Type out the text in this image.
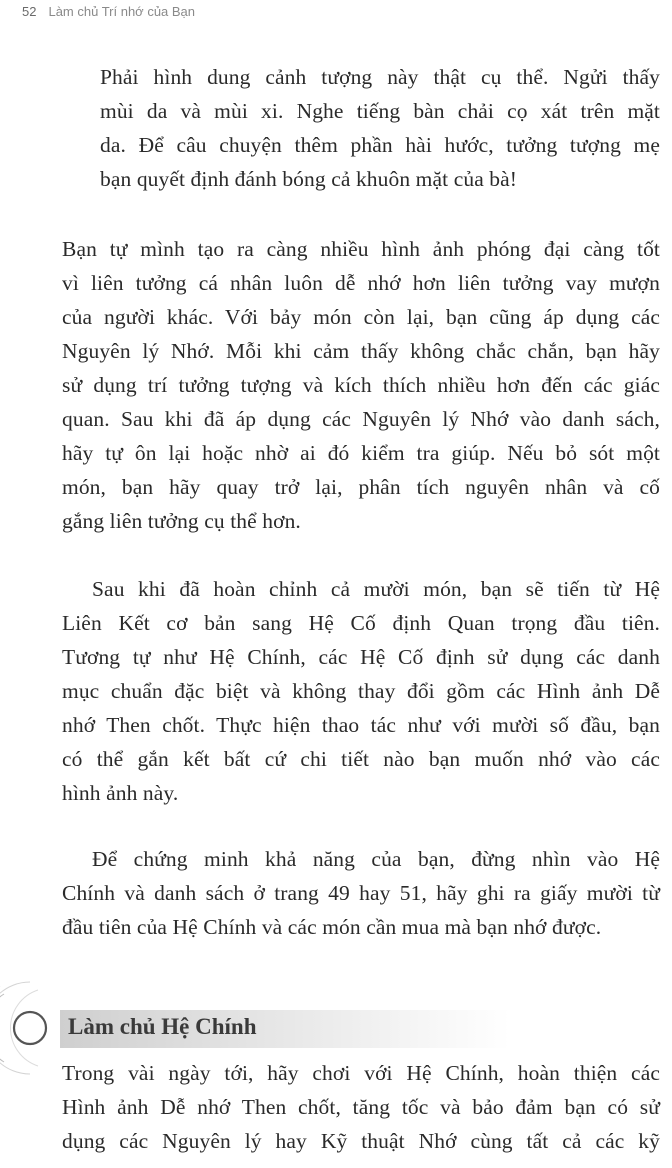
52 Làm chủ Trí nhớ của Bạn

Phải hình dung cảnh tượng này thật cụ thể. Ngửi thấy
mùi da và mùi xi. Nghe tiếng bàn chải cọ xát trên mặt
da. Để câu chuyện thêm phần hài hước, tưởng tượng mẹ
bạn quyết định đánh bóng cả khuôn mặt của bà!

Bạn tự mình tạo ra càng nhiều hình ảnh phóng đại càng tốt
vì liên tưởng cá nhân luôn dễ nhớ hơn liên tưởng vay mượn
của người khác. Với bảy món còn lại, bạn cũng áp dụng các
Nguyên lý Nhớ. Mỗi khi cảm thấy không chắc chắn, bạn hãy
sử dụng trí tưởng tượng và kích thích nhiều hơn đến các giác
quan. Sau khi đã áp dụng các Nguyên lý Nhớ vào danh sách,
hãy tự ôn lại hoặc nhờ ai đó kiểm tra giúp. Nếu bỏ sót một
món, bạn hãy quay trở lại, phân tích nguyên nhân và cố
gắng liên tưởng cụ thể hơn.

Sau khi đã hoàn chỉnh cả mười món, bạn sẽ tiến từ Hệ
Liên Kết cơ bản sang Hệ Cố định Quan trọng đầu tiên.
Tương tự như Hệ Chính, các Hệ Cố định sử dụng các danh
mục chuẩn đặc biệt và không thay đổi gồm các Hình ảnh Dễ
nhớ Then chốt. Thực hiện thao tác như với mười số đầu, bạn
có thể gắn kết bất cứ chi tiết nào bạn muốn nhớ vào các
hình ảnh này.

Để chứng minh khả năng của bạn, đừng nhìn vào Hệ
Chính và danh sách ở trang 49 hay 51, hãy ghi ra giấy mười từ
đầu tiên của Hệ Chính và các món cần mua mà bạn nhớ được.

Làm chủ Hệ Chính

Trong vài ngày tới, hãy chơi với Hệ Chính, hoàn thiện các
Hình ảnh Dễ nhớ Then chốt, tăng tốc và bảo đảm bạn có sử
dụng các Nguyên lý hay Kỹ thuật Nhớ cùng tất cả các kỹ
